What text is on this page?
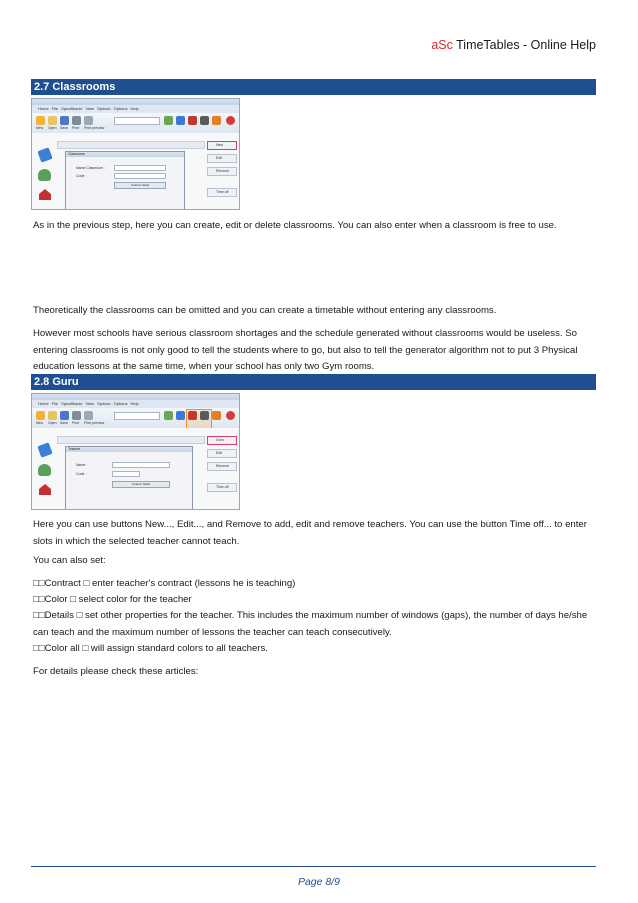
aSc TimeTables - Online Help
2.7 Classrooms
Home File Specifikacie View Spôsob Options Help
New Open Save Print Print preview
Classroom
Name Classroom :
Code :
Custom fields
New
Edit
Remove
Time off

As in the previous step, here you can create, edit or delete classrooms. You can also enter when a classroom is free to use.

Theoretically the classrooms can be omitted and you can create a timetable without entering any classrooms.

However most schools have serious classroom shortages and the schedule generated without classrooms would be useless. So entering classrooms is not only good to tell the students where to go, but also to tell the generator algorithm not to put 3 Physical education lessons at the same time, when your school has only two Gym rooms.

2.8 Guru
Home File Specifikacie View Spôsob Options Help
New Open Save Print Print preview
Teacher
Name :
Code :
Custom fields
Guru
Edit
Remove
Time off

Here you can use buttons New..., Edit..., and Remove to add, edit and remove teachers. You can use the button Time off... to enter slots in which the selected teacher cannot teach.

You can also set:

□□Contract □ enter teacher's contract (lessons he is teaching)

□□Color □ select color for the teacher

□□Details □ set other properties for the teacher. This includes the maximum number of windows (gaps), the number of days he/she can teach and the maximum number of lessons the teacher can teach consecutively.

□□Color all □ will assign standard colors to all teachers.

For details please check these articles:

Page 8/9
